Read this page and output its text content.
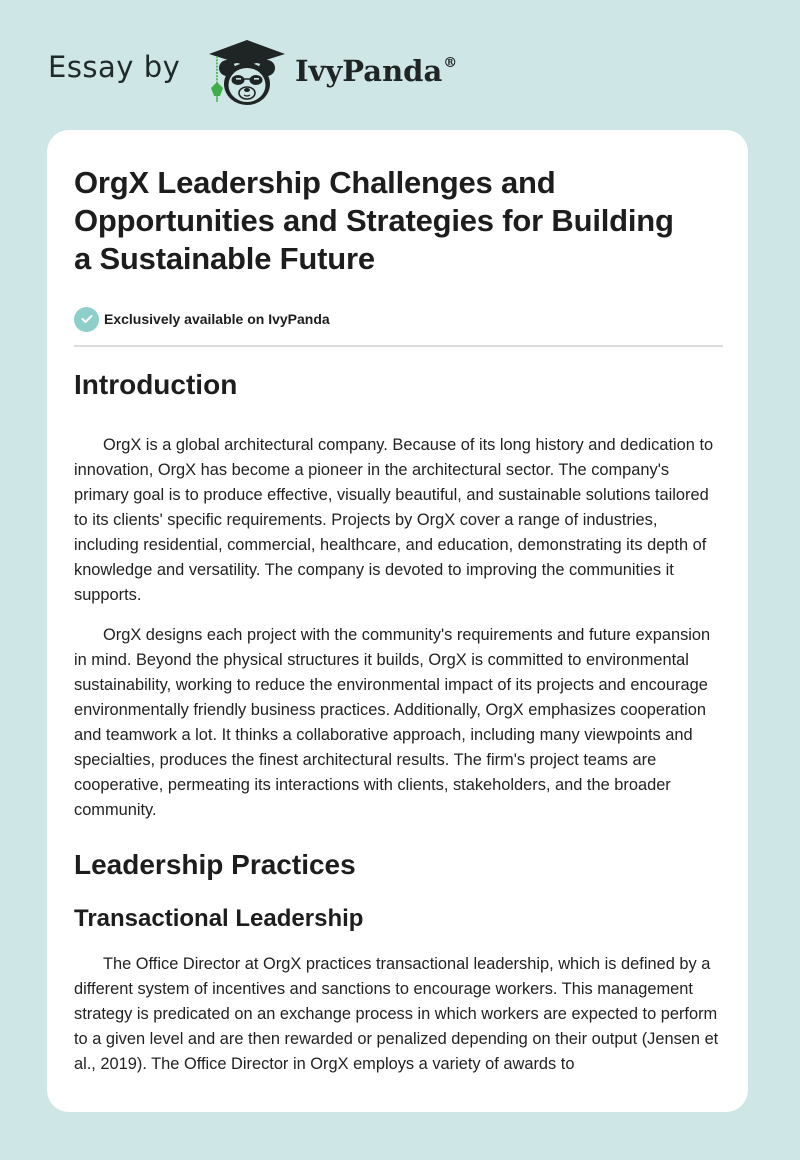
Essay by	IvyPanda®
OrgX Leadership Challenges and Opportunities and Strategies for Building a Sustainable Future
Exclusively available on IvyPanda
Introduction

OrgX is a global architectural company. Because of its long history and dedication to innovation, OrgX has become a pioneer in the architectural sector. The company's primary goal is to produce effective, visually beautiful, and sustainable solutions tailored to its clients' specific requirements. Projects by OrgX cover a range of industries, including residential, commercial, healthcare, and education, demonstrating its depth of knowledge and versatility. The company is devoted to improving the communities it supports.

OrgX designs each project with the community's requirements and future expansion in mind. Beyond the physical structures it builds, OrgX is committed to environmental sustainability, working to reduce the environmental impact of its projects and encourage environmentally friendly business practices. Additionally, OrgX emphasizes cooperation and teamwork a lot. It thinks a collaborative approach, including many viewpoints and specialties, produces the finest architectural results. The firm's project teams are cooperative, permeating its interactions with clients, stakeholders, and the broader community.

Leadership Practices
Transactional Leadership

The Office Director at OrgX practices transactional leadership, which is defined by a different system of incentives and sanctions to encourage workers. This management strategy is predicated on an exchange process in which workers are expected to perform to a given level and are then rewarded or penalized depending on their output (Jensen et al., 2019). The Office Director in OrgX employs a variety of awards to
